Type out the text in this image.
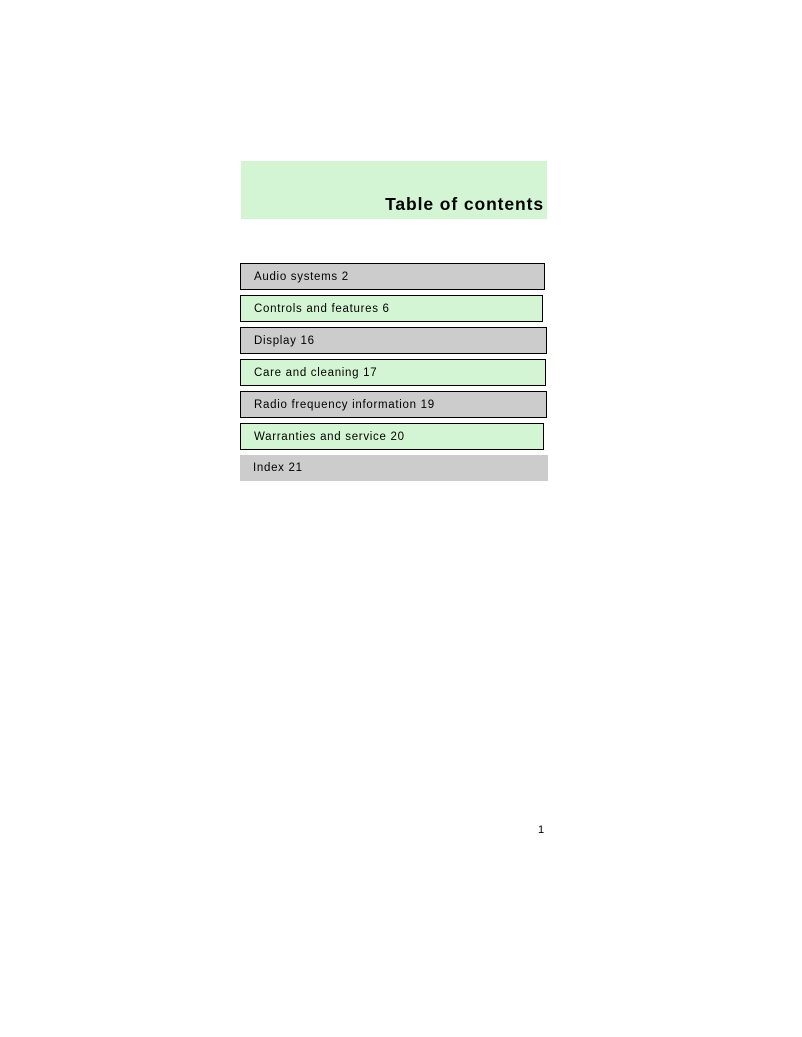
Table of contents
Audio systems 2
Controls and features 6
Display 16
Care and cleaning 17
Radio frequency information 19
Warranties and service 20
Index 21
1
